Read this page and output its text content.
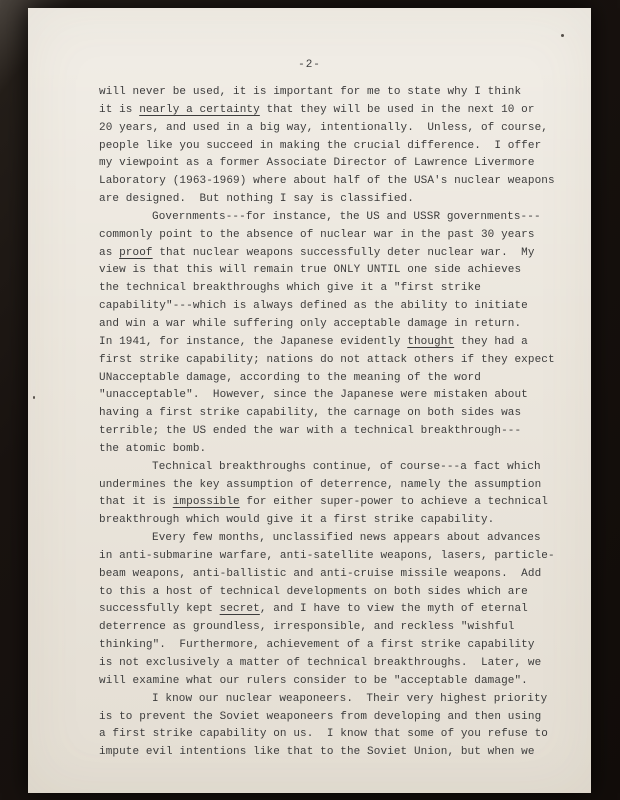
-2-
will never be used, it is important for me to state why I think
it is nearly a certainty that they will be used in the next 10 or
20 years, and used in a big way, intentionally.  Unless, of course,
people like you succeed in making the crucial difference.  I offer
my viewpoint as a former Associate Director of Lawrence Livermore
Laboratory (1963-1969) where about half of the USA's nuclear weapons
are designed.  But nothing I say is classified.
Governments---for instance, the US and USSR governments---
commonly point to the absence of nuclear war in the past 30 years
as proof that nuclear weapons successfully deter nuclear war.  My
view is that this will remain true ONLY UNTIL one side achieves
the technical breakthroughs which give it a "first strike
capability"---which is always defined as the ability to initiate
and win a war while suffering only acceptable damage in return.
In 1941, for instance, the Japanese evidently thought they had a
first strike capability; nations do not attack others if they expect
UNacceptable damage, according to the meaning of the word
"unacceptable".  However, since the Japanese were mistaken about
having a first strike capability, the carnage on both sides was
terrible; the US ended the war with a technical breakthrough---
the atomic bomb.
Technical breakthroughs continue, of course---a fact which
undermines the key assumption of deterrence, namely the assumption
that it is impossible for either super-power to achieve a technical
breakthrough which would give it a first strike capability.
Every few months, unclassified news appears about advances
in anti-submarine warfare, anti-satellite weapons, lasers, particle-
beam weapons, anti-ballistic and anti-cruise missile weapons.  Add
to this a host of technical developments on both sides which are
successfully kept secret, and I have to view the myth of eternal
deterrence as groundless, irresponsible, and reckless "wishful
thinking".  Furthermore, achievement of a first strike capability
is not exclusively a matter of technical breakthroughs.  Later, we
will examine what our rulers consider to be "acceptable damage".
I know our nuclear weaponeers.  Their very highest priority
is to prevent the Soviet weaponeers from developing and then using
a first strike capability on us.  I know that some of you refuse to
impute evil intentions like that to the Soviet Union, but when we
